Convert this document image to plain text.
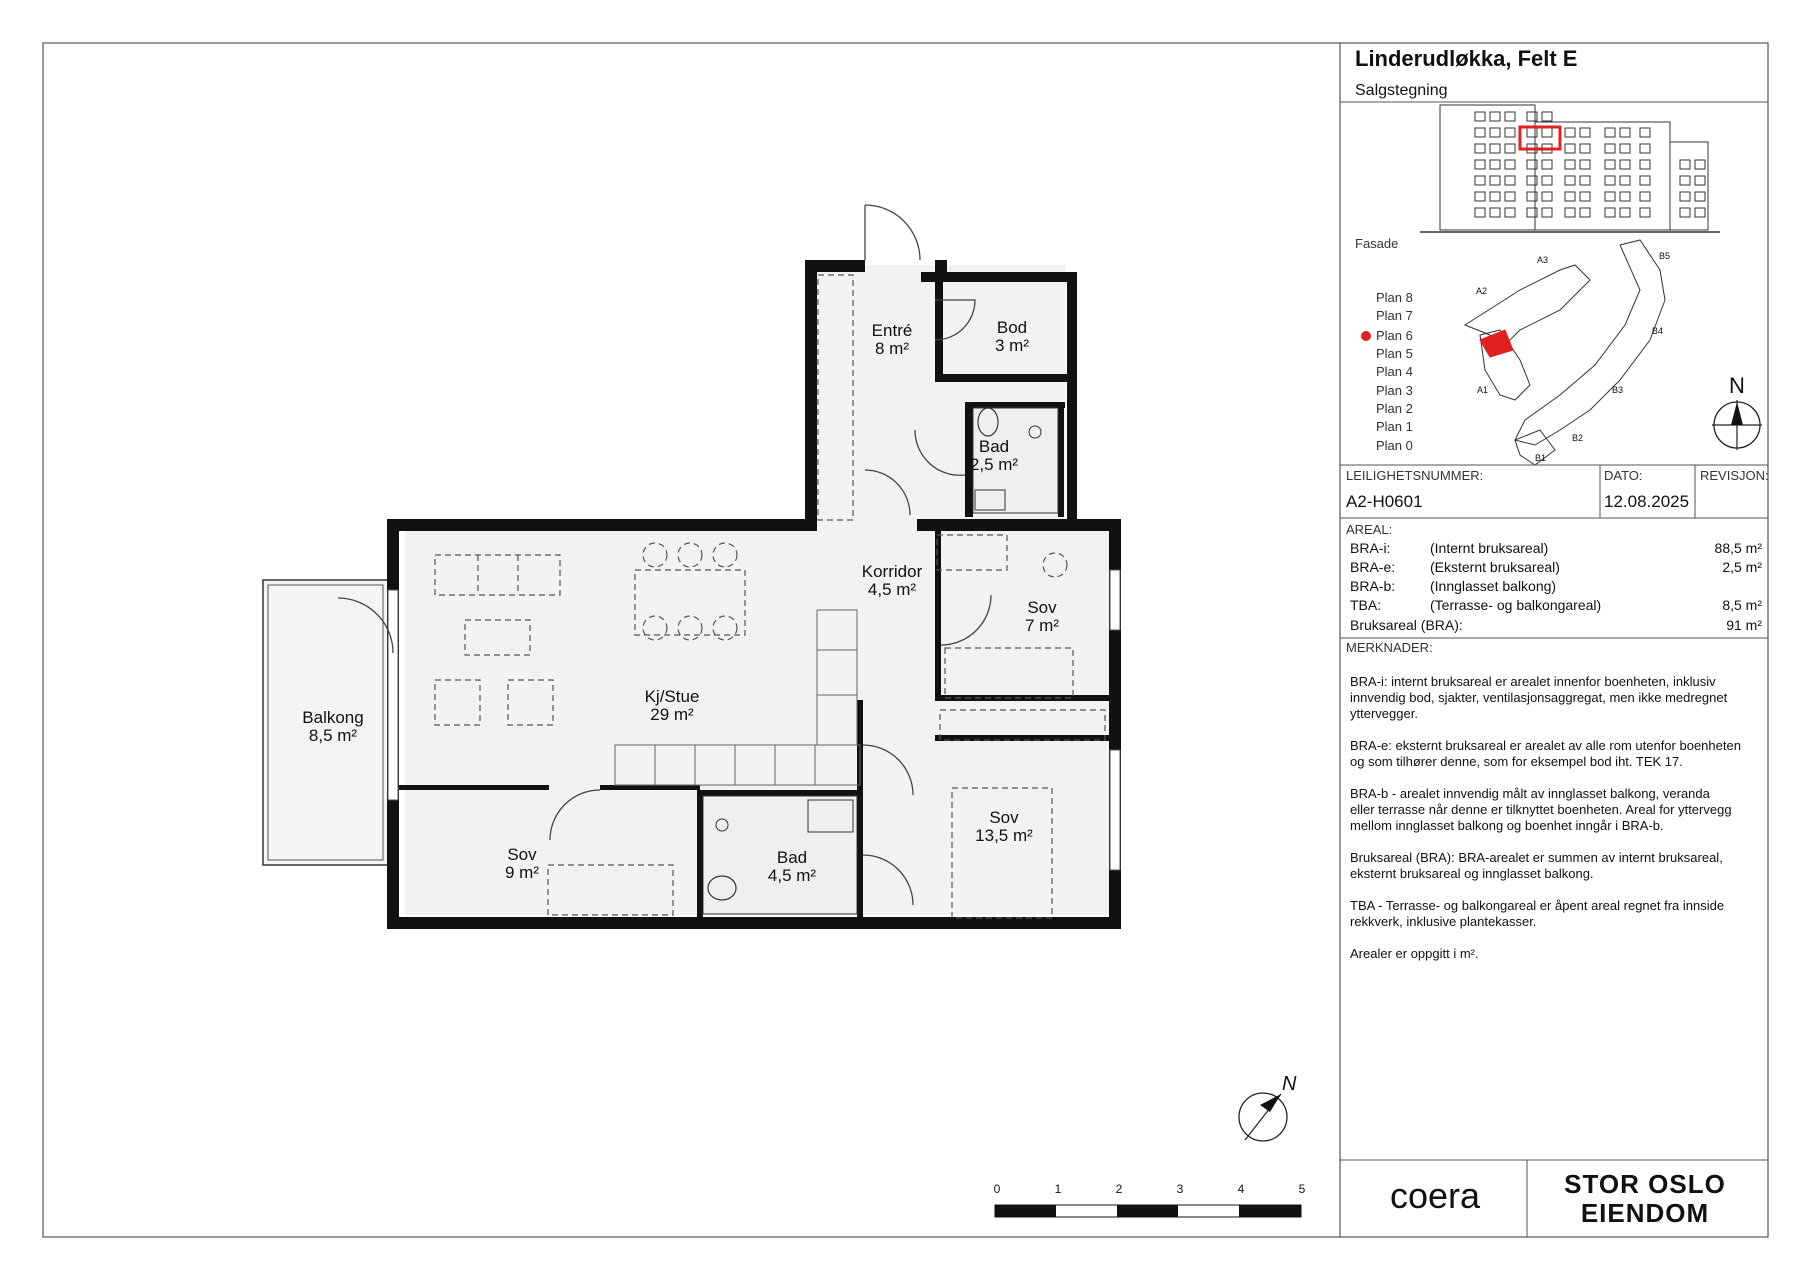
Entré
8 m²
Bod
3 m²
Bad
2,5 m²
Korridor
4,5 m²
Sov
7 m²
Kj/Stue
29 m²
Balkong
8,5 m²
Sov
13,5 m²
Sov
9 m²
Bad
4,5 m²
N
0	1	2	3	4	5
Linderudløkka, Felt E
Salgstegning
Fasade
A2
A3
A1
B1
B2
B3
B4
B5
Plan 8
Plan 7
Plan 6
Plan 5
Plan 4
Plan 3
Plan 2
Plan 1
Plan 0
N
LEILIGHETSNUMMER:
A2-H0601
DATO:
12.08.2025
REVISJON:
AREAL:
BRA-i:	(Internt bruksareal)	88,5 m²
BRA-e: (Eksternt bruksareal)	2,5 m²
BRA-b: (Innglasset balkong)
TBA:	(Terrasse- og balkongareal)	8,5 m²
Bruksareal (BRA):	91 m²
MERKNADER:
BRA-i: internt bruksareal er arealet innenfor boenheten, inklusiv
innvendig bod, sjakter, ventilasjonsaggregat, men ikke medregnet
yttervegger.
BRA-e: eksternt bruksareal er arealet av alle rom utenfor boenheten
og som tilhører denne, som for eksempel bod iht. TEK 17.
BRA-b - arealet innvendig målt av innglasset balkong, veranda
eller terrasse når denne er tilknyttet boenheten. Areal for yttervegg
mellom innglasset balkong og boenhet inngår i BRA-b.
Bruksareal (BRA): BRA-arealet er summen av internt bruksareal,
eksternt bruksareal og innglasset balkong.
TBA - Terrasse- og balkongareal er åpent areal regnet fra innside
rekkverk, inklusive plantekasser.
Arealer er oppgitt i m².
coera	STOR OSLO
EIENDOM
